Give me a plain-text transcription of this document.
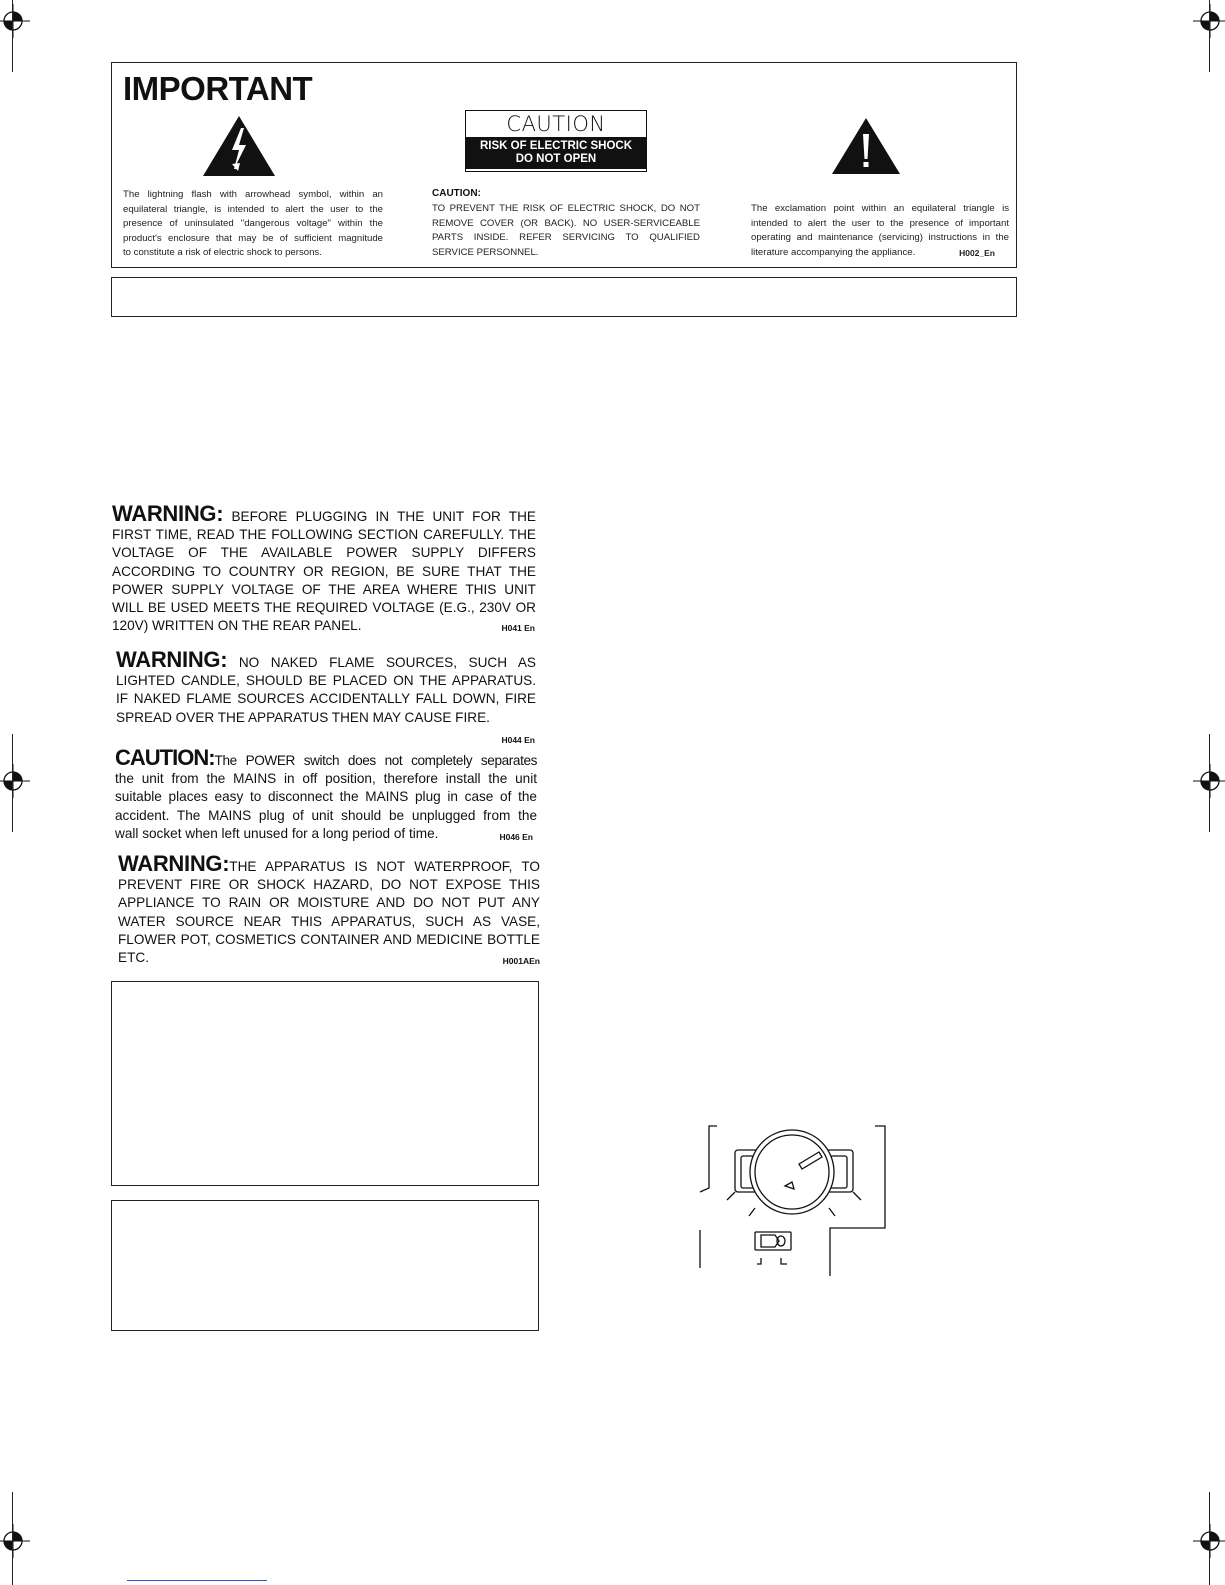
IMPORTANT
CAUTION
RISK OF ELECTRIC SHOCK
DO NOT OPEN
The lightning flash with arrowhead symbol, within an
equilateral triangle, is intended to alert the user to the
presence of uninsulated "dangerous voltage" within the
product's enclosure that may be of sufficient magnitude
to constitute a risk of electric shock to persons.
CAUTION:
TO PREVENT THE RISK OF ELECTRIC SHOCK, DO NOT
REMOVE COVER (OR BACK). NO USER-SERVICEABLE
PARTS INSIDE. REFER SERVICING TO QUALIFIED
SERVICE PERSONNEL.
The exclamation point within an equilateral triangle is
intended to alert the user to the presence of important
operating and maintenance (servicing) instructions in the
literature accompanying the appliance.	H002_En
WARNING: BEFORE PLUGGING IN THE UNIT FOR THE
FIRST TIME, READ THE FOLLOWING SECTION CAREFULLY. THE
VOLTAGE OF THE AVAILABLE POWER SUPPLY DIFFERS
ACCORDING TO COUNTRY OR REGION, BE SURE THAT THE
POWER SUPPLY VOLTAGE OF THE AREA WHERE THIS UNIT
WILL BE USED MEETS THE REQUIRED VOLTAGE (E.G., 230V OR
120V) WRITTEN ON THE REAR PANEL.	H041 En
WARNING: NO NAKED FLAME SOURCES, SUCH AS
LIGHTED CANDLE, SHOULD BE PLACED ON THE APPARATUS.
IF NAKED FLAME SOURCES ACCIDENTALLY FALL DOWN, FIRE
SPREAD OVER THE APPARATUS THEN MAY CAUSE FIRE.
H044 En
CAUTION:The POWER switch does not completely separates
the unit from the MAINS in off position, therefore install the unit
suitable places easy to disconnect the MAINS plug in case of the
accident. The MAINS plug of unit should be unplugged from the
wall socket when left unused for a long period of time.	H046 En
WARNING:THE APPARATUS IS NOT WATERPROOF, TO
PREVENT FIRE OR SHOCK HAZARD, DO NOT EXPOSE THIS
APPLIANCE TO RAIN OR MOISTURE AND DO NOT PUT ANY
WATER SOURCE NEAR THIS APPARATUS, SUCH AS VASE,
FLOWER POT, COSMETICS CONTAINER AND MEDICINE BOTTLE
ETC.	H001AEn
